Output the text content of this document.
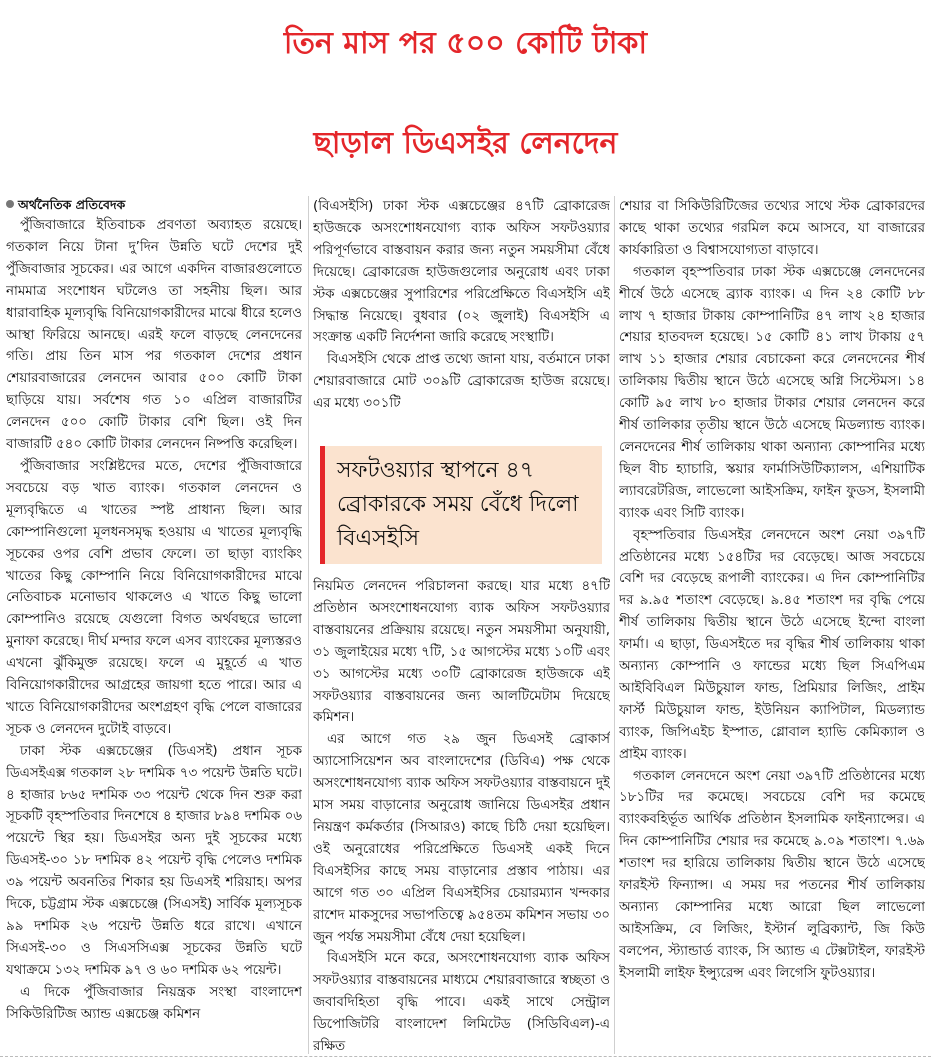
তিন মাস পর ৫০০ কোটি টাকা
ছাড়াল ডিএসইর লেনদেন
অর্থনৈতিক প্রতিবেদক

পুঁজিবাজারে ইতিবাচক প্রবণতা অব্যাহত রয়েছে। গতকাল নিয়ে টানা দু’দিন উন্নতি ঘটে দেশের দুই পুঁজিবাজার সূচকের। এর আগে একদিন বাজারগুলোতে নামমাত্র সংশোধন ঘটলেও তা সহনীয় ছিল। আর ধারাবাহিক মূল্যবৃদ্ধি বিনিয়োগকারীদের মাঝে ধীরে হলেও আস্থা ফিরিয়ে আনছে। এরই ফলে বাড়ছে লেনদেনের গতি। প্রায় তিন মাস পর গতকাল দেশের প্রধান শেয়ারবাজারের লেনদেন আবার ৫০০ কোটি টাকা ছাড়িয়ে যায়। সর্বশেষ গত ১০ এপ্রিল বাজারটির লেনদেন ৫০০ কোটি টাকার বেশি ছিল। ওই দিন বাজারটি ৫৪০ কোটি টাকার লেনদেন নিষ্পত্তি করেছিল।

পুঁজিবাজার সংশ্লিষ্টদের মতে, দেশের পুঁজিবাজারে সবচেয়ে বড় খাত ব্যাংক। গতকাল লেনদেন ও মূল্যবৃদ্ধিতে এ খাতের স্পষ্ট প্রাধান্য ছিল। আর কোম্পানিগুলো মূলধনসমৃদ্ধ হওয়ায় এ খাতের মূল্যবৃদ্ধি সূচকের ওপর বেশি প্রভাব ফেলে। তা ছাড়া ব্যাংকিং খাতের কিছু কোম্পানি নিয়ে বিনিয়োগকারীদের মাঝে নেতিবাচক মনোভাব থাকলেও এ খাতে কিছু ভালো কোম্পানিও রয়েছে যেগুলো বিগত অর্থবছরে ভালো মুনাফা করেছে। দীর্ঘ মন্দার ফলে এসব ব্যাংকের মূল্যস্তরও এখনো ঝুঁকিমুক্ত রয়েছে। ফলে এ মুহূর্তে এ খাত বিনিয়োগকারীদের আগ্রহের জায়গা হতে পারে। আর এ খাতে বিনিয়োগকারীদের অংশগ্রহণ বৃদ্ধি পেলে বাজারের সূচক ও লেনদেন দুটোই বাড়বে।

ঢাকা স্টক এক্সচেঞ্জের (ডিএসই) প্রধান সূচক ডিএসইএক্স গতকাল ২৮ দশমিক ৭৩ পয়েন্ট উন্নতি ঘটে। ৪ হাজার ৮৬৫ দশমিক ৩৩ পয়েন্ট থেকে দিন শুরু করা সূচকটি বৃহস্পতিবার দিনশেষে ৪ হাজার ৮৯৪ দশমিক ০৬ পয়েন্টে স্থির হয়। ডিএসইর অন্য দুই সূচকের মধ্যে ডিএসই-৩০ ১৮ দশমিক ৪২ পয়েন্ট বৃদ্ধি পেলেও দশমিক ৩৯ পয়েন্ট অবনতির শিকার হয় ডিএসই শরিয়াহ। অপর দিকে, চট্টগ্রাম স্টক এক্সচেঞ্জে (সিএসই) সার্বিক মূল্যসূচক ৯৯ দশমিক ২৬ পয়েন্ট উন্নতি ধরে রাখে। এখানে সিএসই-৩০ ও সিএসসিএক্স সূচকের উন্নতি ঘটে যথাক্রমে ১৩২ দশমিক ৯৭ ও ৬০ দশমিক ৬২ পয়েন্ট।

এ দিকে পুঁজিবাজার নিয়ন্ত্রক সংস্থা বাংলাদেশ সিকিউরিটিজ অ্যান্ড এক্সচেঞ্জ কমিশন

(বিএসইসি) ঢাকা স্টক এক্সচেঞ্জের ৪৭টি ব্রোকারেজ হাউজকে অসংশোধনযোগ্য ব্যাক অফিস সফটওয়্যার পরিপূর্ণভাবে বাস্তবায়ন করার জন্য নতুন সময়সীমা বেঁধে দিয়েছে। ব্রোকারেজ হাউজগুলোর অনুরোধ এবং ঢাকা স্টক এক্সচেঞ্জের সুপারিশের পরিপ্রেক্ষিতে বিএসইসি এই সিদ্ধান্ত নিয়েছে। বুধবার (০২ জুলাই) বিএসইসি এ সংক্রান্ত একটি নির্দেশনা জারি করেছে সংস্থাটি।

বিএসইসি থেকে প্রাপ্ত তথ্যে জানা যায়, বর্তমানে ঢাকা শেয়ারবাজারে মোট ৩০৯টি ব্রোকারেজ হাউজ রয়েছে। এর মধ্যে ৩০১টি

সফটওয়্যার স্থাপনে ৪৭ ব্রোকারকে সময় বেঁধে দিলো বিএসইসি

নিয়মিত লেনদেন পরিচালনা করছে। যার মধ্যে ৪৭টি প্রতিষ্ঠান অসংশোধনযোগ্য ব্যাক অফিস সফটওয়্যার বাস্তবায়নের প্রক্রিয়ায় রয়েছে। নতুন সময়সীমা অনুযায়ী, ৩১ জুলাইয়ের মধ্যে ৭টি, ১৫ আগস্টের মধ্যে ১০টি এবং ৩১ আগস্টের মধ্যে ৩০টি ব্রোকারেজ হাউজকে এই সফটওয়্যার বাস্তবায়নের জন্য আলটিমেটাম দিয়েছে কমিশন।

এর আগে গত ২৯ জুন ডিএসই ব্রোকার্স অ্যাসোসিয়েশন অব বাংলাদেশের (ডিবিএ) পক্ষ থেকে অসংশোধনযোগ্য ব্যাক অফিস সফটওয়্যার বাস্তবায়নে দুই মাস সময় বাড়ানোর অনুরোধ জানিয়ে ডিএসইর প্রধান নিয়ন্ত্রণ কর্মকর্তার (সিআরও) কাছে চিঠি দেয়া হয়েছিল। ওই অনুরোধের পরিপ্রেক্ষিতে ডিএসই একই দিনে বিএসইসির কাছে সময় বাড়ানোর প্রস্তাব পাঠায়। এর আগে গত ৩০ এপ্রিল বিএসইসির চেয়ারম্যান খন্দকার রাশেদ মাকসুদের সভাপতিত্বে ৯৫৪তম কমিশন সভায় ৩০ জুন পর্যন্ত সময়সীমা বেঁধে দেয়া হয়েছিল।

বিএসইসি মনে করে, অসংশোধনযোগ্য ব্যাক অফিস সফটওয়্যার বাস্তবায়নের মাধ্যমে শেয়ারবাজারে স্বচ্ছতা ও জবাবদিহিতা বৃদ্ধি পাবে। একই সাথে সেন্ট্রাল ডিপোজিটরি বাংলাদেশ লিমিটেড (সিডিবিএল)-এ রক্ষিত

শেয়ার বা সিকিউরিটিজের তথ্যের সাথে স্টক ব্রোকারদের কাছে থাকা তথ্যের গরমিল কমে আসবে, যা বাজারের কার্যকারিতা ও বিশ্বাসযোগ্যতা বাড়াবে।

গতকাল বৃহস্পতিবার ঢাকা স্টক এক্সচেঞ্জে লেনদেনের শীর্ষে উঠে এসেছে ব্র্যাক ব্যাংক। এ দিন ২৪ কোটি ৮৮ লাখ ৭ হাজার টাকায় কোম্পানিটির ৪৭ লাখ ২৪ হাজার শেয়ার হাতবদল হয়েছে। ১৫ কোটি ৪১ লাখ টাকায় ৫৭ লাখ ১১ হাজার শেয়ার বেচাকেনা করে লেনদেনের শীর্ষ তালিকায় দ্বিতীয় স্থানে উঠে এসেছে অগ্নি সিস্টেমস। ১৪ কোটি ৯৫ লাখ ৮০ হাজার টাকার শেয়ার লেনদেন করে শীর্ষ তালিকার তৃতীয় স্থানে উঠে এসেছে মিডল্যান্ড ব্যাংক। লেনদেনের শীর্ষ তালিকায় থাকা অন্যান্য কোম্পানির মধ্যে ছিল বীচ হ্যাচারি, স্কয়ার ফার্মাসিউটিক্যালস, এশিয়াটিক ল্যাবরেটরিজ, লাভেলো আইসক্রিম, ফাইন ফুডস, ইসলামী ব্যাংক এবং সিটি ব্যাংক।

বৃহস্পতিবার ডিএসইর লেনদেনে অংশ নেয়া ৩৯৭টি প্রতিষ্ঠানের মধ্যে ১৫৪টির দর বেড়েছে। আজ সবচেয়ে বেশি দর বেড়েছে রূপালী ব্যাংকের। এ দিন কোম্পানিটির দর ৯.৯৫ শতাংশ বেড়েছে। ৯.৪৫ শতাংশ দর বৃদ্ধি পেয়ে শীর্ষ তালিকায় দ্বিতীয় স্থানে উঠে এসেছে ইন্দো বাংলা ফার্মা। এ ছাড়া, ডিএসইতে দর বৃদ্ধির শীর্ষ তালিকায় থাকা অন্যান্য কোম্পানি ও ফান্ডের মধ্যে ছিল সিএপিএম আইবিবিএল মিউচুয়াল ফান্ড, প্রিমিয়ার লিজিং, প্রাইম ফার্স্ট মিউচুয়াল ফান্ড, ইউনিয়ন ক্যাপিটাল, মিডল্যান্ড ব্যাংক, জিপিএইচ ইস্পাত, গ্লোবাল হ্যাভি কেমিক্যাল ও প্রাইম ব্যাংক।

গতকাল লেনদেনে অংশ নেয়া ৩৯৭টি প্রতিষ্ঠানের মধ্যে ১৮১টির দর কমেছে। সবচেয়ে বেশি দর কমেছে ব্যাংকবহির্ভূত আর্থিক প্রতিষ্ঠান ইসলামিক ফাইন্যান্সের। এ দিন কোম্পানিটির শেয়ার দর কমেছে ৯.০৯ শতাংশ। ৭.৬৯ শতাংশ দর হারিয়ে তালিকায় দ্বিতীয় স্থানে উঠে এসেছে ফারইস্ট ফিন্যান্স। এ সময় দর পতনের শীর্ষ তালিকায় অন্যান্য কোম্পানির মধ্যে আরো ছিল লাভেলো আইসক্রিম, বে লিজিং, ইস্টার্ন লুব্রিক্যান্ট, জি কিউ বলপেন, স্ট্যান্ডার্ড ব্যাংক, সি অ্যান্ড এ টেক্সটাইল, ফারইস্ট ইসলামী লাইফ ইন্স্যুরেন্স এবং লিগেসি ফুটওয়্যার।
